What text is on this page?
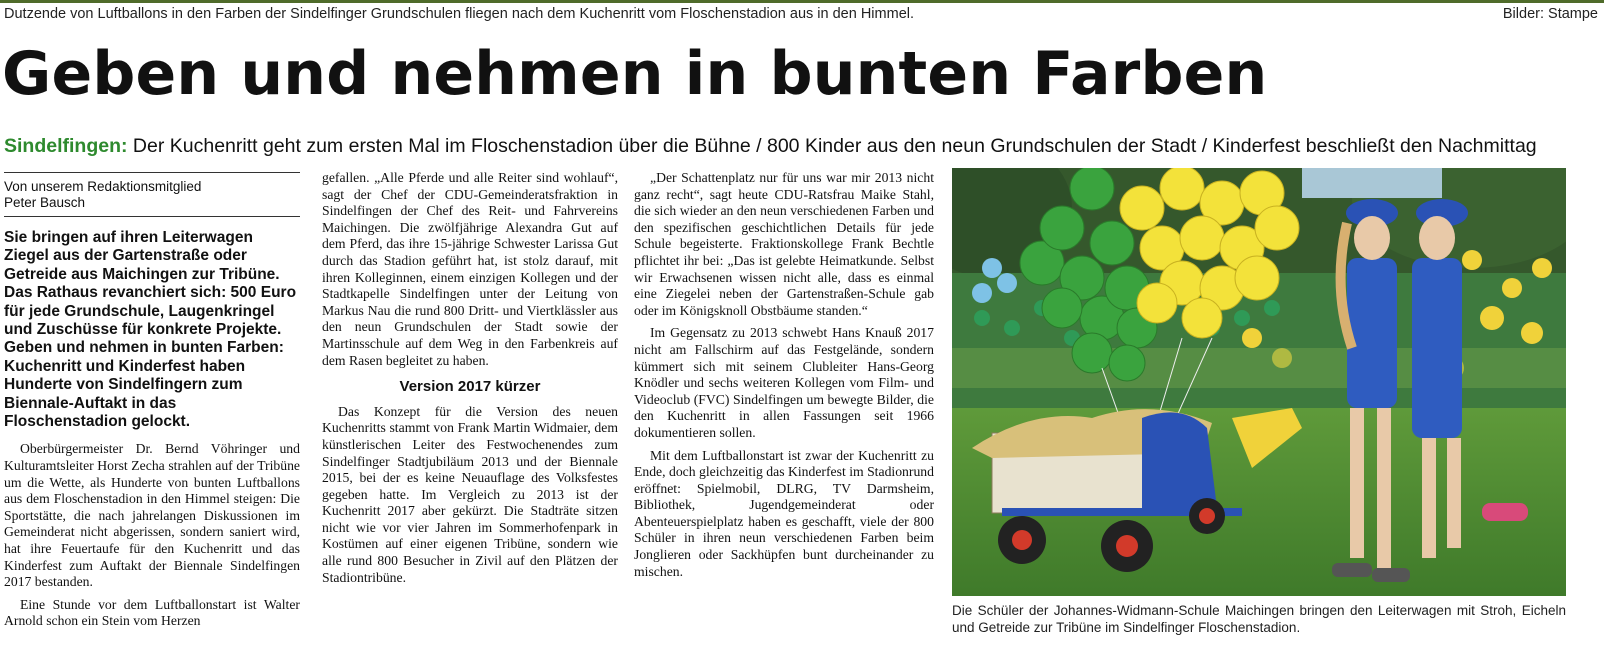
Dutzende von Luftballons in den Farben der Sindelfinger Grundschulen fliegen nach dem Kuchenritt vom Floschenstadion aus in den Himmel.	Bilder: Stampe
Geben und nehmen in bunten Farben
Sindelfingen: Der Kuchenritt geht zum ersten Mal im Floschenstadion über die Bühne / 800 Kinder aus den neun Grundschulen der Stadt / Kinderfest beschließt den Nachmittag
Von unserem Redaktionsmitglied
Peter Bausch
Sie bringen auf ihren Leiterwagen Ziegel aus der Gartenstraße oder Getreide aus Maichingen zur Tribüne. Das Rathaus revanchiert sich: 500 Euro für jede Grundschule, Laugenkringel und Zuschüsse für konkrete Projekte. Geben und nehmen in bunten Farben: Kuchenritt und Kinderfest haben Hunderte von Sindelfingern zum Biennale-Auftakt in das Floschenstadion gelockt.

Oberbürgermeister Dr. Bernd Vöhringer und Kulturamtsleiter Horst Zecha strahlen auf der Tribüne um die Wette, als Hunderte von bunten Luftballons aus dem Floschenstadion in den Himmel steigen: Die Sportstätte, die nach jahrelangen Diskussionen im Gemeinderat nicht abgerissen, sondern saniert wird, hat ihre Feuertaufe für den Kuchenritt und das Kinderfest zum Auftakt der Biennale Sindelfingen 2017 bestanden.

Eine Stunde vor dem Luftballonstart ist Walter Arnold schon ein Stein vom Herzen

gefallen. „Alle Pferde und alle Reiter sind wohlauf“, sagt der Chef der CDU-Gemeinderatsfraktion in Sindelfingen der Chef des Reit- und Fahrvereins Maichingen. Die zwölfjährige Alexandra Gut auf dem Pferd, das ihre 15-jährige Schwester Larissa Gut durch das Stadion geführt hat, ist stolz darauf, mit ihren Kolleginnen, einem einzigen Kollegen und der Stadtkapelle Sindelfingen unter der Leitung von Markus Nau die rund 800 Dritt- und Viertklässler aus den neun Grundschulen der Stadt sowie der Martinsschule auf dem Weg in den Farbenkreis auf dem Rasen begleitet zu haben.

Version 2017 kürzer

Das Konzept für die Version des neuen Kuchenritts stammt von Frank Martin Widmaier, dem künstlerischen Leiter des Festwochenendes zum Sindelfinger Stadtjubiläum 2013 und der Biennale 2015, bei der es keine Neuauflage des Volksfestes gegeben hatte. Im Vergleich zu 2013 ist der Kuchenritt 2017 aber gekürzt. Die Stadträte sitzen nicht wie vor vier Jahren im Sommerhofenpark in Kostümen auf einer eigenen Tribüne, sondern wie alle rund 800 Besucher in Zivil auf den Plätzen der Stadiontribüne.

„Der Schattenplatz nur für uns war mir 2013 nicht ganz recht“, sagt heute CDU-Ratsfrau Maike Stahl, die sich wieder an den neun verschiedenen Farben und den spezifischen geschichtlichen Details für jede Schule begeisterte. Fraktionskollege Frank Bechtle pflichtet ihr bei: „Das ist gelebte Heimatkunde. Selbst wir Erwachsenen wissen nicht alle, dass es einmal eine Ziegelei neben der Gartenstraßen-Schule gab oder im Königsknoll Obstbäume standen.“

Im Gegensatz zu 2013 schwebt Hans Knauß 2017 nicht am Fallschirm auf das Festgelände, sondern kümmert sich mit seinem Clubleiter Hans-Georg Knödler und sechs weiteren Kollegen vom Film- und Videoclub (FVC) Sindelfingen um bewegte Bilder, die den Kuchenritt in allen Fassungen seit 1966 dokumentieren sollen.

Mit dem Luftballonstart ist zwar der Kuchenritt zu Ende, doch gleichzeitig das Kinderfest im Stadionrund eröffnet: Spielmobil, DLRG, TV Darmsheim, Bibliothek, Jugendgemeinderat oder Abenteuerspielplatz haben es geschafft, viele der 800 Schüler in ihren neun verschiedenen Farben beim Jonglieren oder Sackhüpfen bunt durcheinander zu mischen.

Die Schüler der Johannes-Widmann-Schule Maichingen bringen den Leiterwagen mit Stroh, Eicheln und Getreide zur Tribüne im Sindelfinger Floschenstadion.
